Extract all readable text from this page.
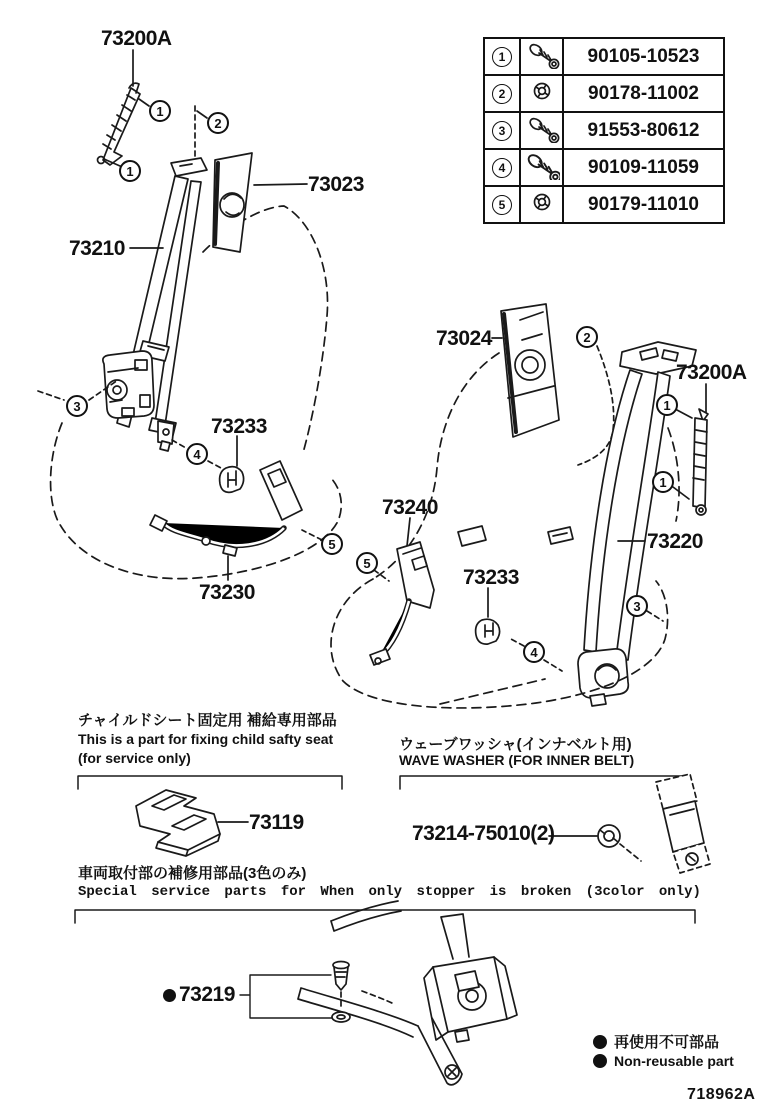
1		90105-10523
2		90178-11002
3		91553-80612
4		90109-11059
5		90179-11010
73200A
73023
73210
73024
73200A
73220
73240
73233
73233
73230
73119	73214-75010(2)
73219
1
1
2
3
4
5
5
2
1
1
3
4
チャイルドシート固定用 補給専用部品
This is a part for fixing child safty seat
(for service only)
ウェーブワッシャ(インナベルト用)
WAVE WASHER (FOR INNER BELT)
車両取付部の補修用部品(3色のみ)
Special service parts for When only stopper is broken (3color only)
再使用不可部品
Non-reusable part
718962A
